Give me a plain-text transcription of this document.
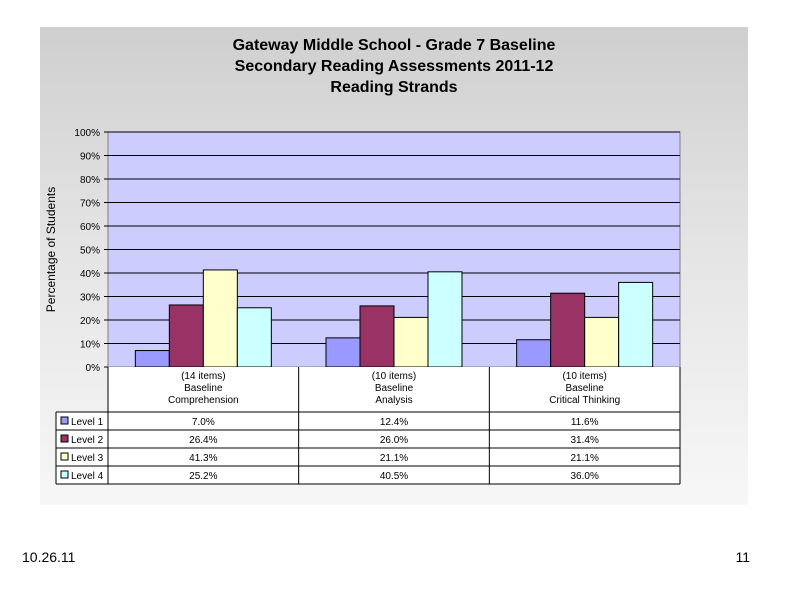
Gateway Middle School - Grade 7 Baseline
Secondary Reading Assessments 2011-12
Reading Strands
0%
10%
20%
30%
40%
50%
60%
70%
80%
90%
100%
Percentage of Students
(14 items)
Baseline
Comprehension
(10 items)
Baseline
Analysis
(10 items)
Baseline
Critical Thinking
Level 1	7.0%	12.4%	11.6%
Level 2	26.4%	26.0%	31.4%
Level 3	41.3%	21.1%	21.1%
Level 4	25.2%	40.5%	36.0%
10.26.11	11
